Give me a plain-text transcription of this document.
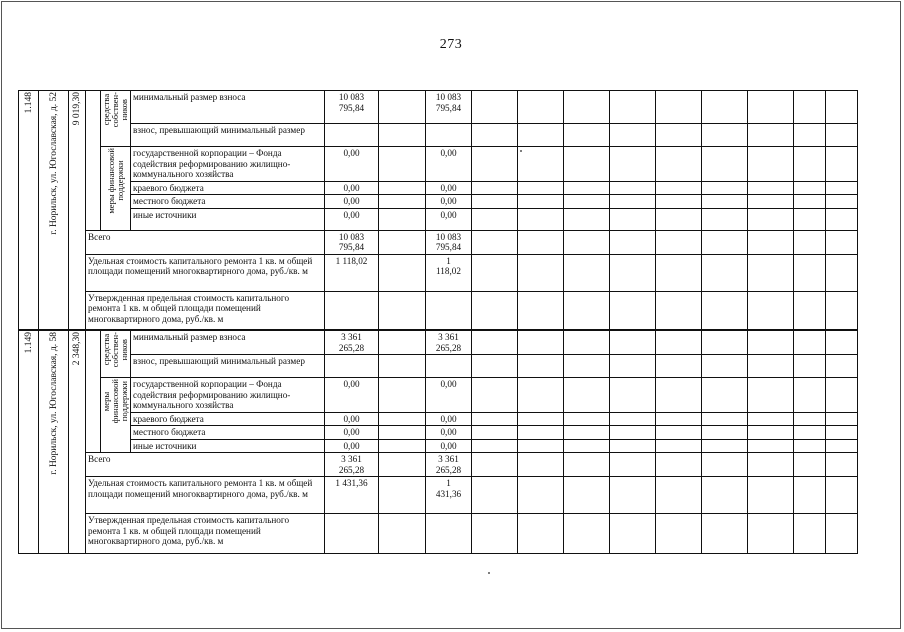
273
1.148	г. Норильск, ул. Югославская, д. 52	9 019,30		средства
собствен-
ников	минимальный размер взноса	10 083
795,84		10 083
795,84									
					взнос, превышающий минимальный размер												

				меры финансовой
поддержки	государственной корпорации – Фонда содействия реформированию жилищно-коммунального хозяйства	0,00		0,00									
					краевого бюджета	0,00		0,00									
					местного бюджета	0,00		0,00									
					иные источники	0,00		0,00									
			Всего			10 083
795,84		10 083
795,84									
			Удельная стоимость капитального ремонта 1 кв. м общей площади помещений многоквартирного дома, руб./кв. м			1 118,02		1
118,02									
			Утвержденная предельная стоимость капитального ремонта 1 кв. м общей площади помещений многоквартирного дома, руб./кв. м														

1.149	г. Норильск, ул. Югославская, д. 58	2 348,30		средства
собствен-
ников	минимальный размер взноса	3 361
265,28		3 361
265,28									
					взнос, превышающий минимальный размер												

				меры
финансовой
поддержки	государственной корпорации – Фонда содействия реформированию жилищно-коммунального хозяйства	0,00		0,00									
					краевого бюджета	0,00		0,00									
					местного бюджета	0,00		0,00									
					иные источники	0,00		0,00									
			Всего			3 361
265,28		3 361
265,28									
			Удельная стоимость капитального ремонта 1 кв. м общей площади помещений многоквартирного дома, руб./кв. м			1 431,36		1
431,36									
			Утвержденная предельная стоимость капитального ремонта 1 кв. м общей площади помещений многоквартирного дома, руб./кв. м														
